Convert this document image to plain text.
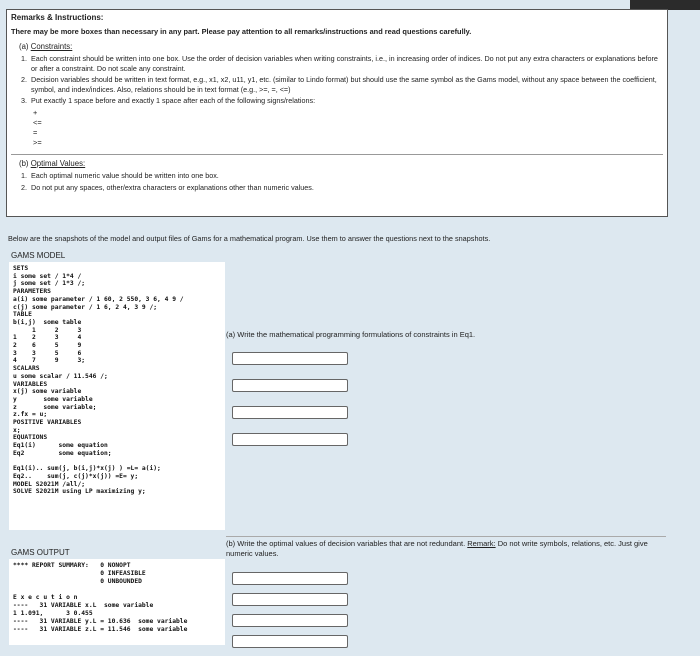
Remarks & Instructions:
There may be more boxes than necessary in any part. Please pay attention to all remarks/instructions and read questions carefully.
(a) Constraints:
1. Each constraint should be written into one box. Use the order of decision variables when writing constraints, i.e., in increasing order of indices. Do not put any extra characters or explanations before or after a constraint. Do not scale any constraint.
2. Decision variables should be written in text format, e.g., x1, x2, u11, y1, etc. (similar to Lindo format) but should use the same symbol as the Gams model, without any space between the coefficient, symbol, and index/indices. Also, relations should be in text format (e.g., >=, =, <=)
3. Put exactly 1 space before and exactly 1 space after each of the following signs/relations:
+
<=
=
>=
(b) Optimal Values:
1. Each optimal numeric value should be written into one box.
2. Do not put any spaces, other/extra characters or explanations other than numeric values.
Below are the snapshots of the model and output files of Gams for a mathematical program. Use them to answer the questions next to the snapshots.
GAMS MODEL
SETS
i some set / 1*4 /
j some set / 1*3 /;
PARAMETERS
a(i) some parameter / 1 60, 2 550, 3 6, 4 9 /
c(j) some parameter / 1 6, 2 4, 3 9 /;
TABLE
b(i,j)  some table
1     2     3
1    2     3     4
2    6     5     9
3    3     5     6
4    7     9     3;
SCALARS
u some scalar / 11.546 /;
VARIABLES
x(j) some variable
y       some variable
z       some variable;
z.fx = u;
POSITIVE VARIABLES
x;
EQUATIONS
Eq1(i)      some equation
Eq2         some equation;

Eq1(i).. sum(j, b(i,j)*x(j) ) =L= a(i);
Eq2..    sum(j, c(j)*x(j)) =E= y;
MODEL S2021M /all/;
SOLVE S2021M using LP maximizing y;
(a) Write the mathematical programming formulations of constraints in Eq1.
(b) Write the optimal values of decision variables that are not redundant. Remark: Do not write symbols, relations, etc. Just give numeric values.
GAMS OUTPUT
**** REPORT SUMMARY:   0 NONOPT
0 INFEASIBLE
0 UNBOUNDED

E x e c u t i o n
----   31 VARIABLE x.L  some variable
1 1.091,      3 0.455
----   31 VARIABLE y.L = 10.636  some variable
----   31 VARIABLE z.L = 11.546  some variable
